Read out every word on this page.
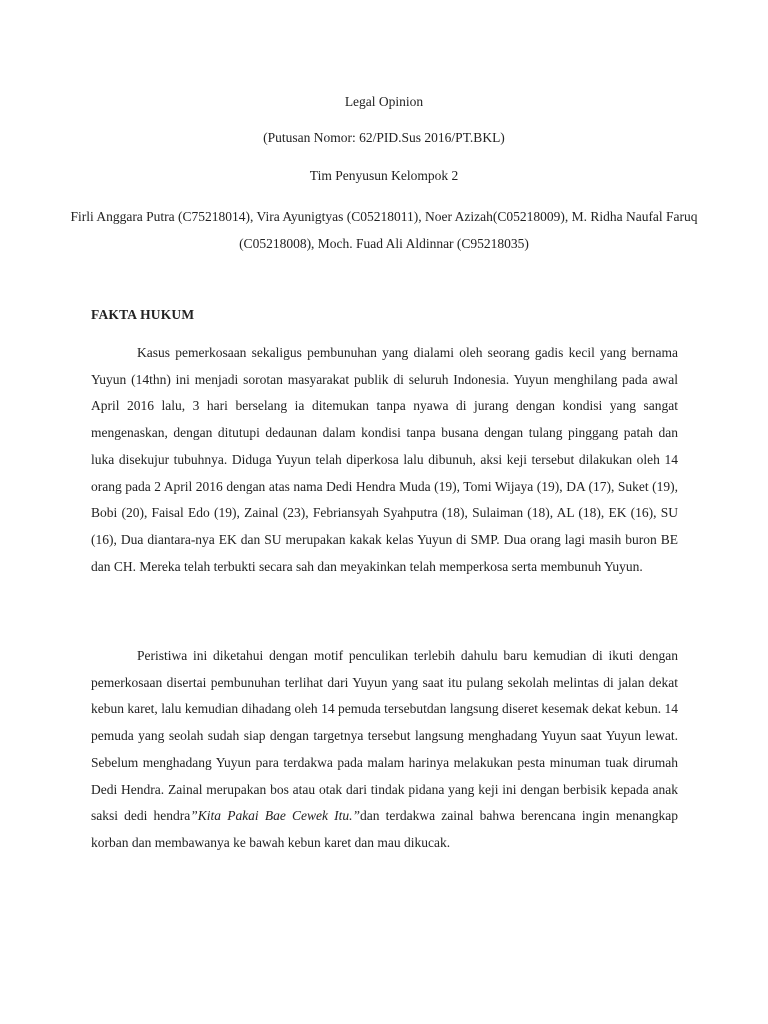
Legal Opinion
(Putusan Nomor: 62/PID.Sus 2016/PT.BKL)
Tim Penyusun Kelompok 2
Firli Anggara Putra (C75218014), Vira Ayunigtyas (C05218011), Noer Azizah(C05218009), M. Ridha Naufal Faruq (C05218008), Moch. Fuad Ali Aldinnar (C95218035)
FAKTA HUKUM

Kasus pemerkosaan sekaligus pembunuhan yang dialami oleh seorang gadis kecil yang bernama Yuyun (14thn) ini menjadi sorotan masyarakat publik di seluruh Indonesia. Yuyun menghilang pada awal April 2016 lalu, 3 hari berselang ia ditemukan tanpa nyawa di jurang dengan kondisi yang sangat mengenaskan, dengan ditutupi dedaunan dalam kondisi tanpa busana dengan tulang pinggang patah dan luka disekujur tubuhnya. Diduga Yuyun telah diperkosa lalu dibunuh, aksi keji tersebut dilakukan oleh 14 orang pada 2 April 2016 dengan atas nama Dedi Hendra Muda (19), Tomi Wijaya (19), DA (17), Suket (19), Bobi (20), Faisal Edo (19), Zainal (23), Febriansyah Syahputra (18), Sulaiman (18), AL (18), EK (16), SU (16), Dua diantara-nya EK dan SU merupakan kakak kelas Yuyun di SMP. Dua orang lagi masih buron BE dan CH. Mereka telah terbukti secara sah dan meyakinkan telah memperkosa serta membunuh Yuyun.

Peristiwa ini diketahui dengan motif penculikan terlebih dahulu baru kemudian di ikuti dengan pemerkosaan disertai pembunuhan terlihat dari Yuyun yang saat itu pulang sekolah melintas di jalan dekat kebun karet, lalu kemudian dihadang oleh 14 pemuda tersebutdan langsung diseret kesemak dekat kebun. 14 pemuda yang seolah sudah siap dengan targetnya tersebut langsung menghadang Yuyun saat Yuyun lewat. Sebelum menghadang Yuyun para terdakwa pada malam harinya melakukan pesta minuman tuak dirumah Dedi Hendra. Zainal merupakan bos atau otak dari tindak pidana yang keji ini dengan berbisik kepada anak saksi dedi hendra”Kita Pakai Bae Cewek Itu.”dan terdakwa zainal bahwa berencana ingin menangkap korban dan membawanya ke bawah kebun karet dan mau dikucak.
